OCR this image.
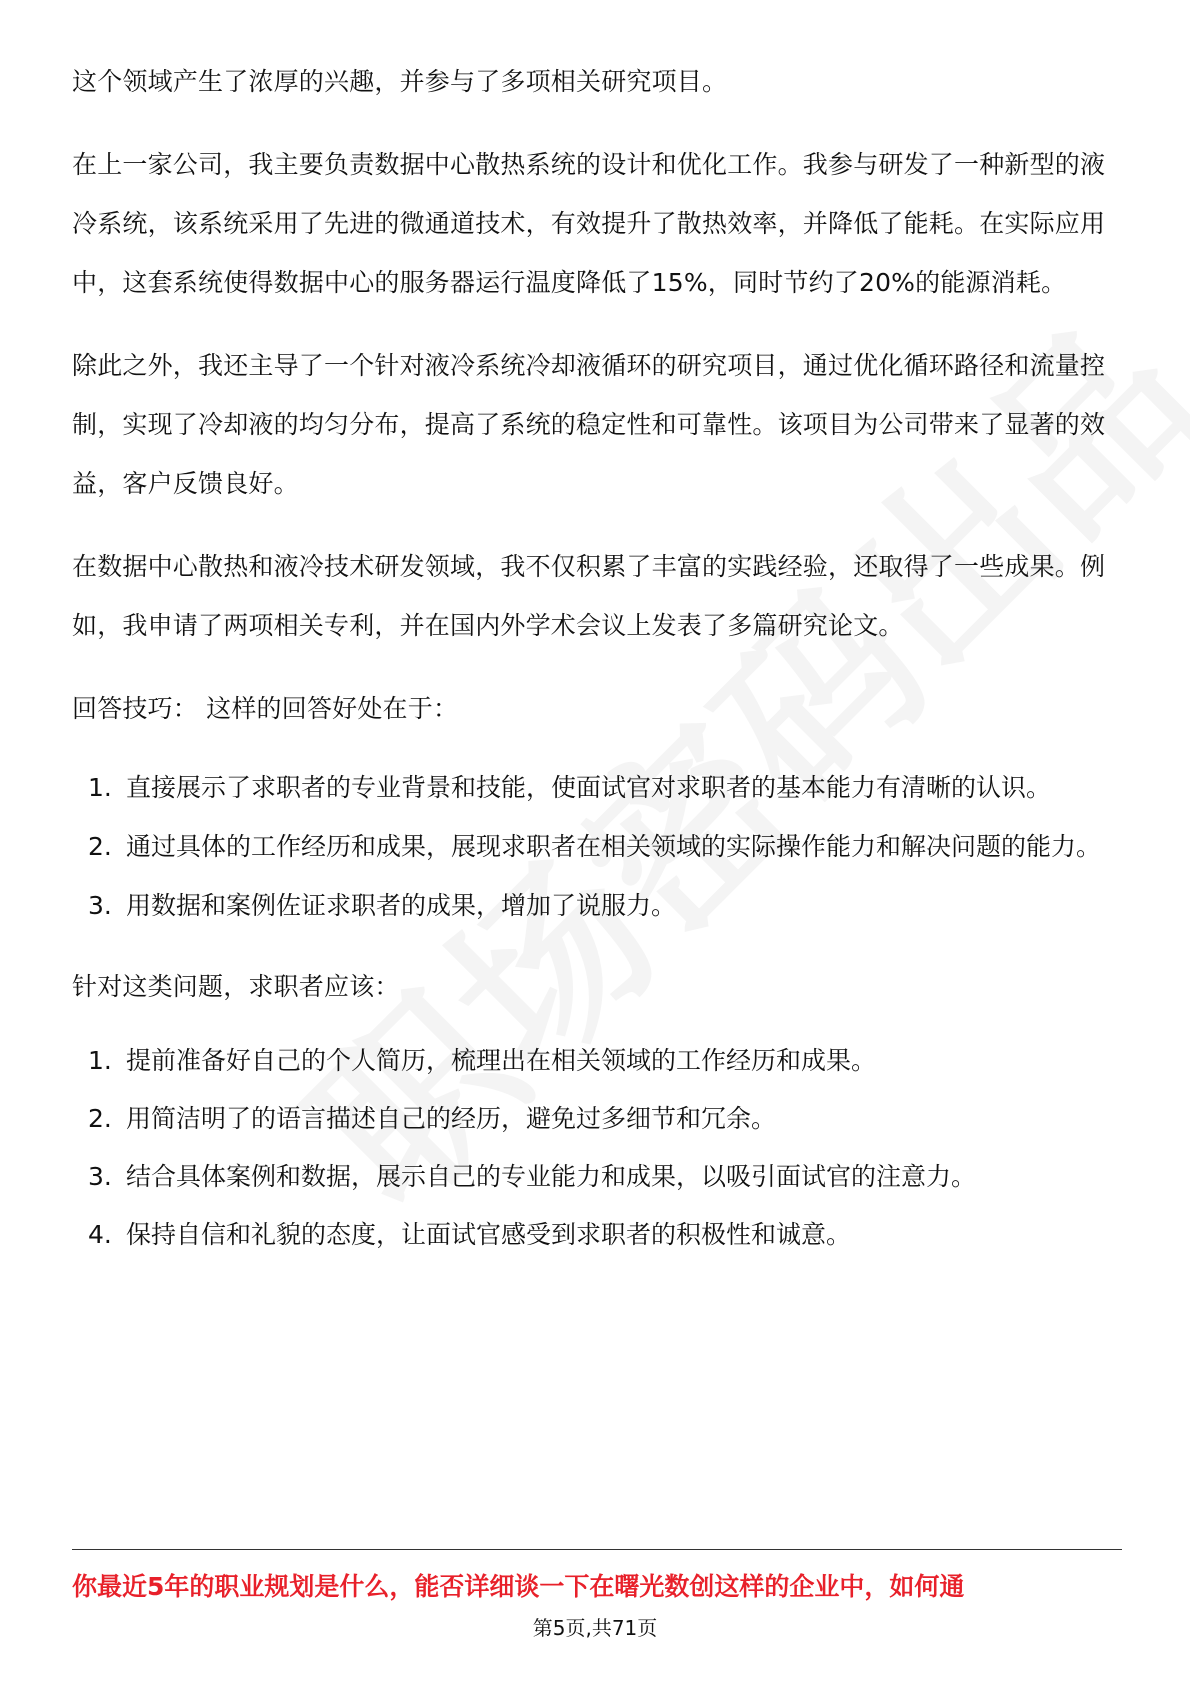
这个领域产生了浓厚的兴趣，并参与了多项相关研究项目。

在上一家公司，我主要负责数据中心散热系统的设计和优化工作。我参与研发了一种新型的液冷系统，该系统采用了先进的微通道技术，有效提升了散热效率，并降低了能耗。在实际应用中，这套系统使得数据中心的服务器运行温度降低了15%，同时节约了20%的能源消耗。

除此之外，我还主导了一个针对液冷系统冷却液循环的研究项目，通过优化循环路径和流量控制，实现了冷却液的均匀分布，提高了系统的稳定性和可靠性。该项目为公司带来了显著的效益，客户反馈良好。

在数据中心散热和液冷技术研发领域，我不仅积累了丰富的实践经验，还取得了一些成果。例如，我申请了两项相关专利，并在国内外学术会议上发表了多篇研究论文。

回答技巧： 这样的回答好处在于：

1. 直接展示了求职者的专业背景和技能，使面试官对求职者的基本能力有清晰的认识。
2. 通过具体的工作经历和成果，展现求职者在相关领域的实际操作能力和解决问题的能力。
3. 用数据和案例佐证求职者的成果，增加了说服力。

针对这类问题，求职者应该：

1. 提前准备好自己的个人简历，梳理出在相关领域的工作经历和成果。
2. 用简洁明了的语言描述自己的经历，避免过多细节和冗余。
3. 结合具体案例和数据，展示自己的专业能力和成果，以吸引面试官的注意力。
4. 保持自信和礼貌的态度，让面试官感受到求职者的积极性和诚意。
你最近5年的职业规划是什么，能否详细谈一下在曙光数创这样的企业中，如何通
第5页,共71页
